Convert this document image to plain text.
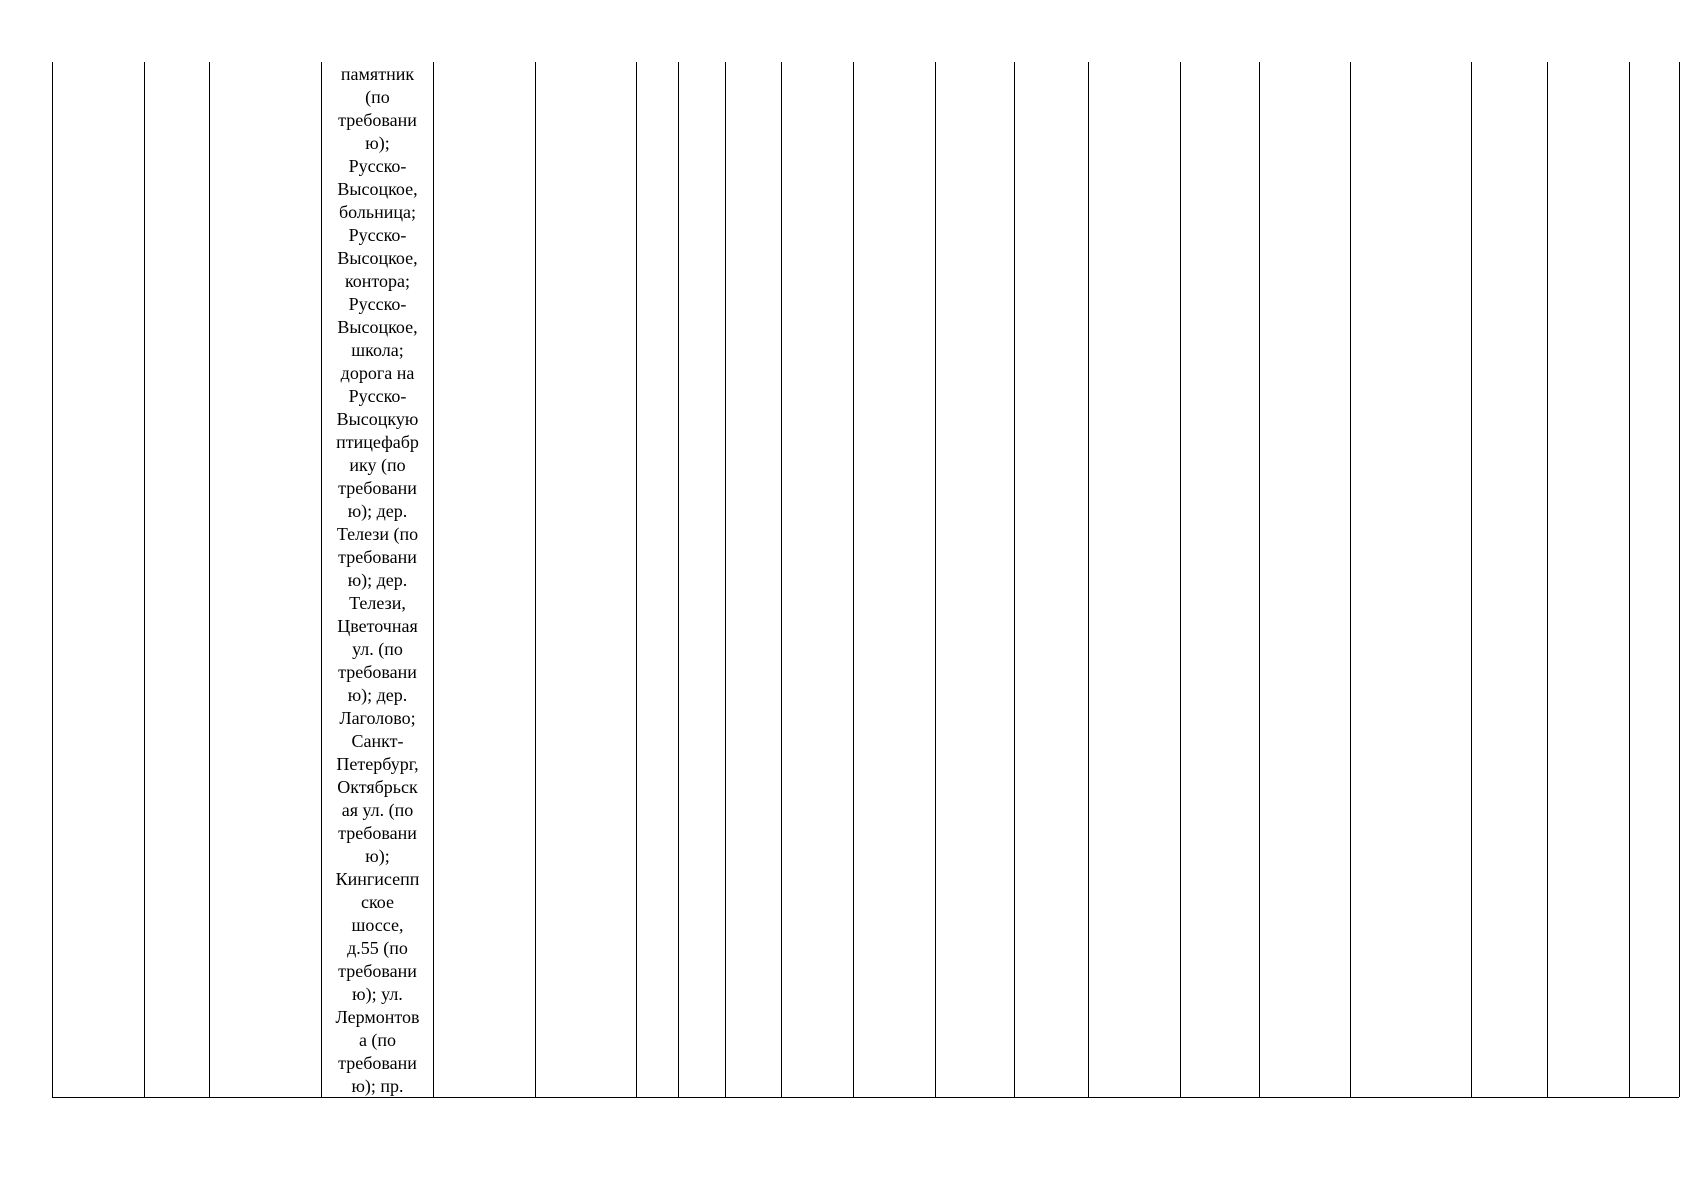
памятник
(по
требовани
ю);
Русско-
Высоцкое,
больница;
Русско-
Высоцкое,
контора;
Русско-
Высоцкое,
школа;
дорога на
Русско-
Высоцкую
птицефабр
ику (по
требовани
ю); дер.
Телези (по
требовани
ю); дер.
Телези,
Цветочная
ул. (по
требовани
ю); дер.
Лаголово;
Санкт-
Петербург,
Октябрьск
ая ул. (по
требовани
ю);
Кингисепп
ское
шоссе,
д.55 (по
требовани
ю); ул.
Лермонтов
а (по
требовани
ю); пр.
